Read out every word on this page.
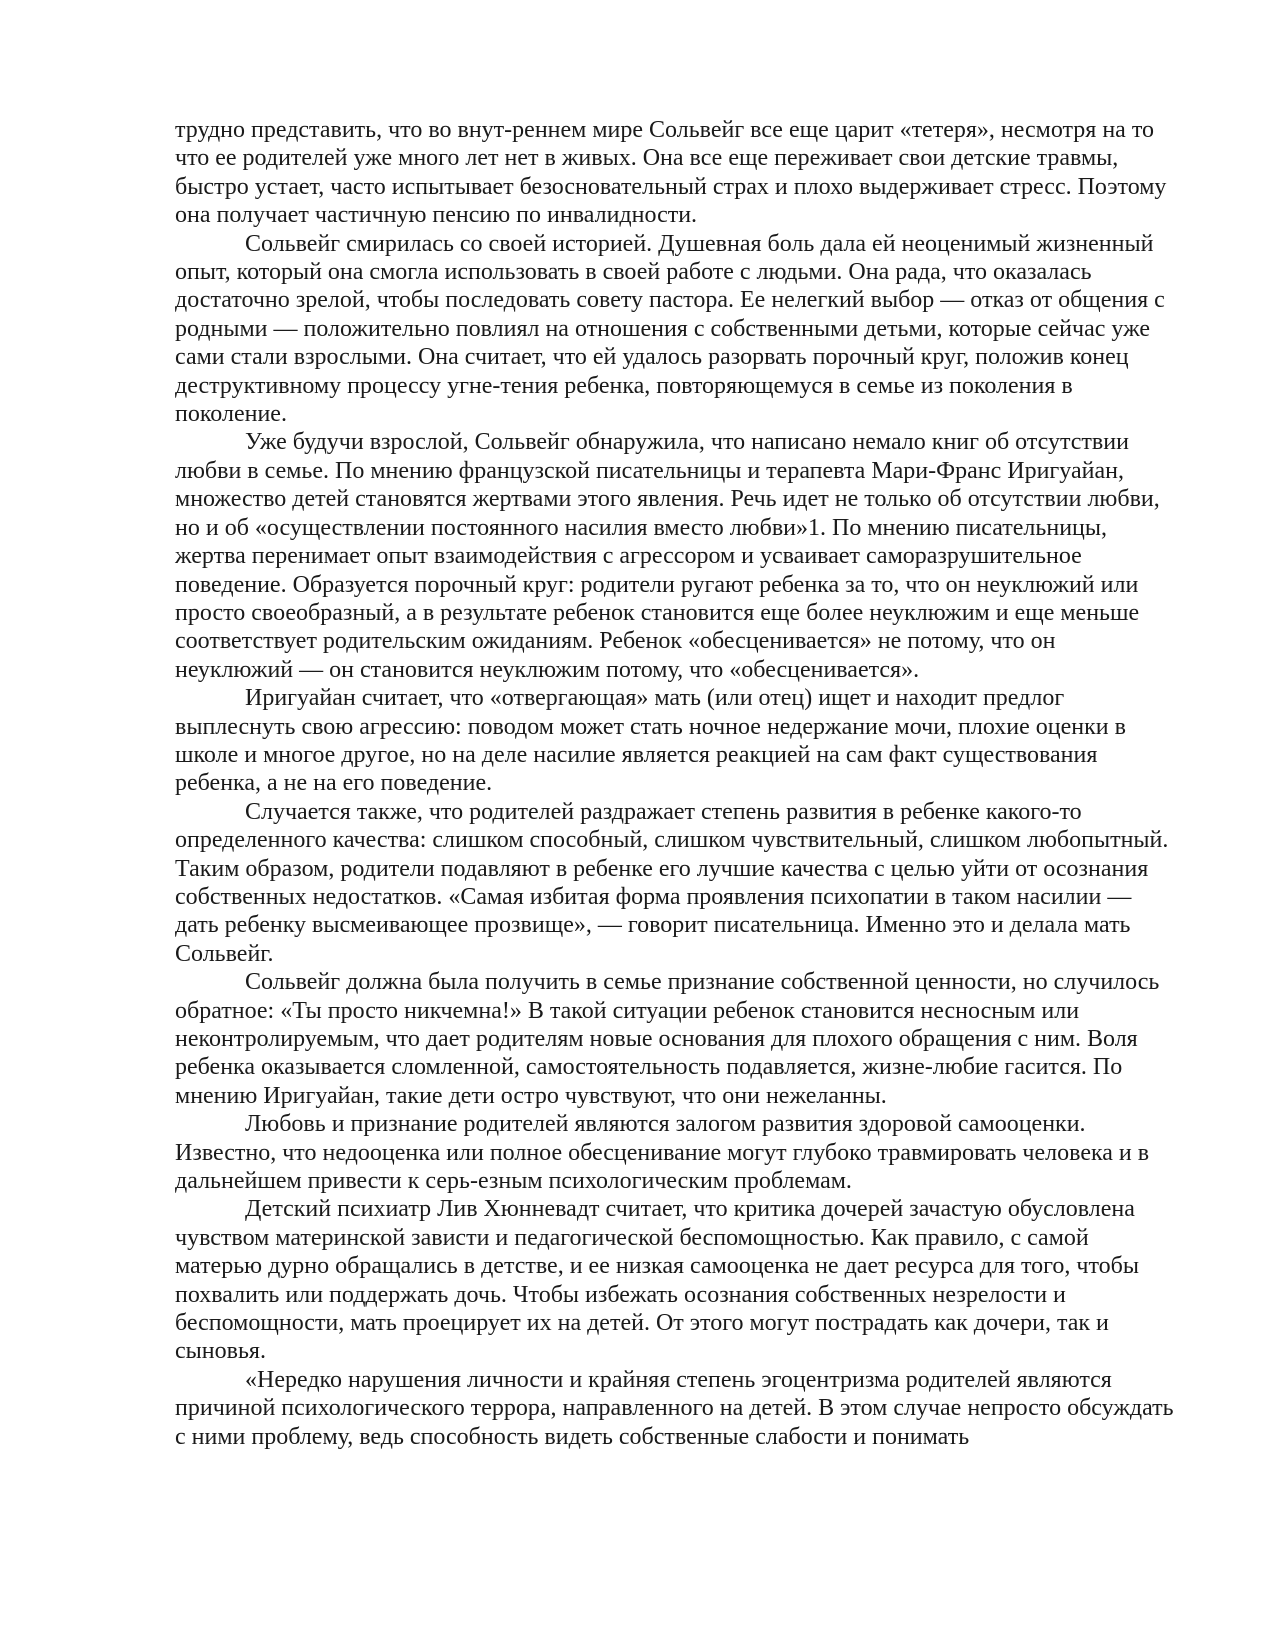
трудно представить, что во внут-реннем мире Сольвейг все еще царит «тетеря», несмотря на то что ее родителей уже много лет нет в живых. Она все еще переживает свои детские травмы, быстро устает, часто испытывает безосновательный страх и плохо выдерживает стресс. Поэтому она получает частичную пенсию по инвалидности.

Сольвейг смирилась со своей историей. Душевная боль дала ей неоценимый жизненный опыт, который она смогла использовать в своей работе с людьми. Она рада, что оказалась достаточно зрелой, чтобы последовать совету пастора. Ее нелегкий выбор — отказ от общения с родными — положительно повлиял на отношения с собственными детьми, которые сейчас уже сами стали взрослыми. Она считает, что ей удалось разорвать порочный круг, положив конец деструктивному процессу угне-тения ребенка, повторяющемуся в семье из поколения в поколение.

Уже будучи взрослой, Сольвейг обнаружила, что написано немало книг об отсутствии любви в семье. По мнению французской писательницы и терапевта Мари-Франс Иригуайан, множество детей становятся жертвами этого явления. Речь идет не только об отсутствии любви, но и об «осуществлении постоянного насилия вместо любви»1. По мнению писательницы, жертва перенимает опыт взаимодействия с агрессором и усваивает саморазрушительное поведение. Образуется порочный круг: родители ругают ребенка за то, что он неуклюжий или просто своеобразный, а в результате ребенок становится еще более неуклюжим и еще меньше соответствует родительским ожиданиям. Ребенок «обесценивается» не потому, что он неуклюжий — он становится неуклюжим потому, что «обесценивается».

Иригуайан считает, что «отвергающая» мать (или отец) ищет и находит предлог выплеснуть свою агрессию: поводом может стать ночное недержание мочи, плохие оценки в школе и многое другое, но на деле насилие является реакцией на сам факт существования ребенка, а не на его поведение.

Случается также, что родителей раздражает степень развития в ребенке какого-то определенного качества: слишком способный, слишком чувствительный, слишком любопытный. Таким образом, родители подавляют в ребенке его лучшие качества с целью уйти от осознания собственных недостатков. «Самая избитая форма проявления психопатии в таком насилии — дать ребенку высмеивающее прозвище», — говорит писательница. Именно это и делала мать Сольвейг.

Сольвейг должна была получить в семье признание собственной ценности, но случилось обратное: «Ты просто никчемна!» В такой ситуации ребенок становится несносным или неконтролируемым, что дает родителям новые основания для плохого обращения с ним. Воля ребенка оказывается сломленной, самостоятельность подавляется, жизне-любие гасится. По мнению Иригуайан, такие дети остро чувствуют, что они нежеланны.

Любовь и признание родителей являются залогом развития здоровой самооценки. Известно, что недооценка или полное обесценивание могут глубоко травмировать человека и в дальнейшем привести к серь-езным психологическим проблемам.

Детский психиатр Лив Хюнневадт считает, что критика дочерей зачастую обусловлена чувством материнской зависти и педагогической беспомощностью. Как правило, с самой матерью дурно обращались в детстве, и ее низкая самооценка не дает ресурса для того, чтобы похвалить или поддержать дочь. Чтобы избежать осознания собственных незрелости и беспомощности, мать проецирует их на детей. От этого могут пострадать как дочери, так и сыновья.

«Нередко нарушения личности и крайняя степень эгоцентризма родителей являются причиной психологического террора, направленного на детей. В этом случае непросто обсуждать с ними проблему, ведь способность видеть собственные слабости и понимать
